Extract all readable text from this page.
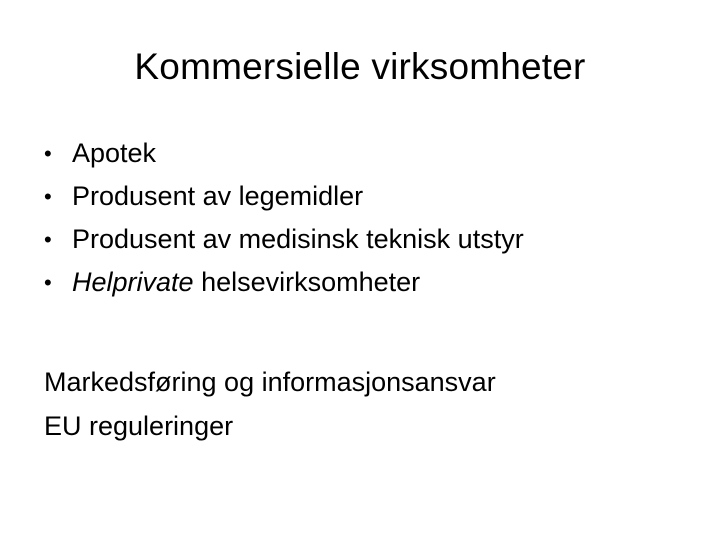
Kommersielle virksomheter
• Apotek
• Produsent av legemidler
• Produsent av medisinsk teknisk utstyr
• Helprivate helsevirksomheter
Markedsføring og informasjonsansvar
EU reguleringer
